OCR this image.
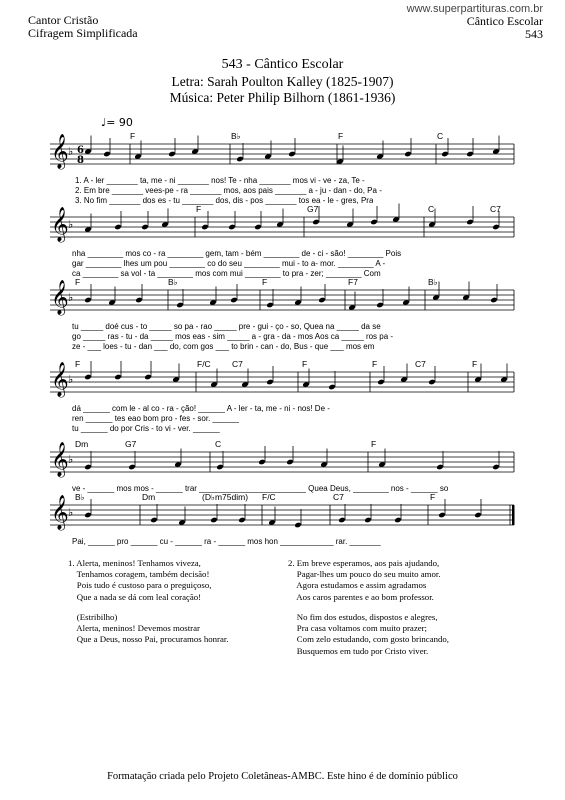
Cantor Cristão
Cifragem Simplificada
www.superpartituras.com.br
Cântico Escolar
543
543 - Cântico Escolar
Letra: Sarah Poulton Kalley (1825-1907)
Música: Peter Philip Bilhorn (1861-1936)
♩= 90
𝄞 ♭
𝄞 ♭
𝄞 ♭
𝄞 ♭
𝄞 ♭
𝄞 ♭
6
8
F	B♭	F	C
1. A - ler _______ ta, me - ni _______ nos! Te - nha _______ mos vi - ve - za, Te -
2. Em bre _______ vees-pe - ra _______ mos, aos pais _______ a - ju - dan - do, Pa -
3. No fim _______ dos es - tu _______ dos, dis - pos _______ tos ea - le - gres, Pra
F	G7	C	C7
nha ________ mos co - ra ________ gem, tam - bém ________ de - ci - são! ________ Pois
gar ________ lhes um pou ________ co do seu ________ mui - to a- mor. ________ A -
ca ________ sa vol - ta ________ mos com mui ________ to pra - zer; ________ Com
F	B♭	F	F7	B♭
tu _____ doé cus - to _____ so pa - rao _____ pre - gui - ço - so, Quea na _____ da se
go _____ ras - tu - da _____ mos eas - sim _____ a - gra - da - mos Aos ca _____ ros pa -
ze - ___ loes - tu - dan ___ do, com gos ___ to brin - can - do, Bus - que ___ mos em
F	F/C	C7	F	F	C7	F
dá ______ com le - al co - ra - ção! ______ A - ler - ta, me - ni - nos! De -
ren ______ tes eao bom pro - fes - sor. ______
tu ______ do por Cris - to vi - ver. ______
Dm	G7	C	F
ve - ______ mos mos - ______ trar ________________________ Quea Deus, ________ nos - ______ so
B♭	Dm	(D♭m75dim) F/C	C7	F
Pai, ______ pro ______ cu - ______ ra - ______ mos hon ____________ rar. _______
1. Alerta, meninos! Tenhamos viveza,
Tenhamos coragem, também decisão!
Pois tudo é custoso para o preguiçoso,
Que a nada se dá com leal coração!
(Estribilho)
Alerta, meninos! Devemos mostrar
Que a Deus, nosso Pai, procuramos honrar.
2. Em breve esperamos, aos pais ajudando,
Pagar-lhes um pouco do seu muito amor.
Agora estudamos e assim agradamos
Aos caros parentes e ao bom professor.
No fim dos estudos, dispostos e alegres,
Pra casa voltamos com muito prazer;
Com zelo estudando, com gosto brincando,
Busquemos em tudo por Cristo viver.
Formatação criada pelo Projeto Coletâneas-AMBC. Este hino é de domínio público
